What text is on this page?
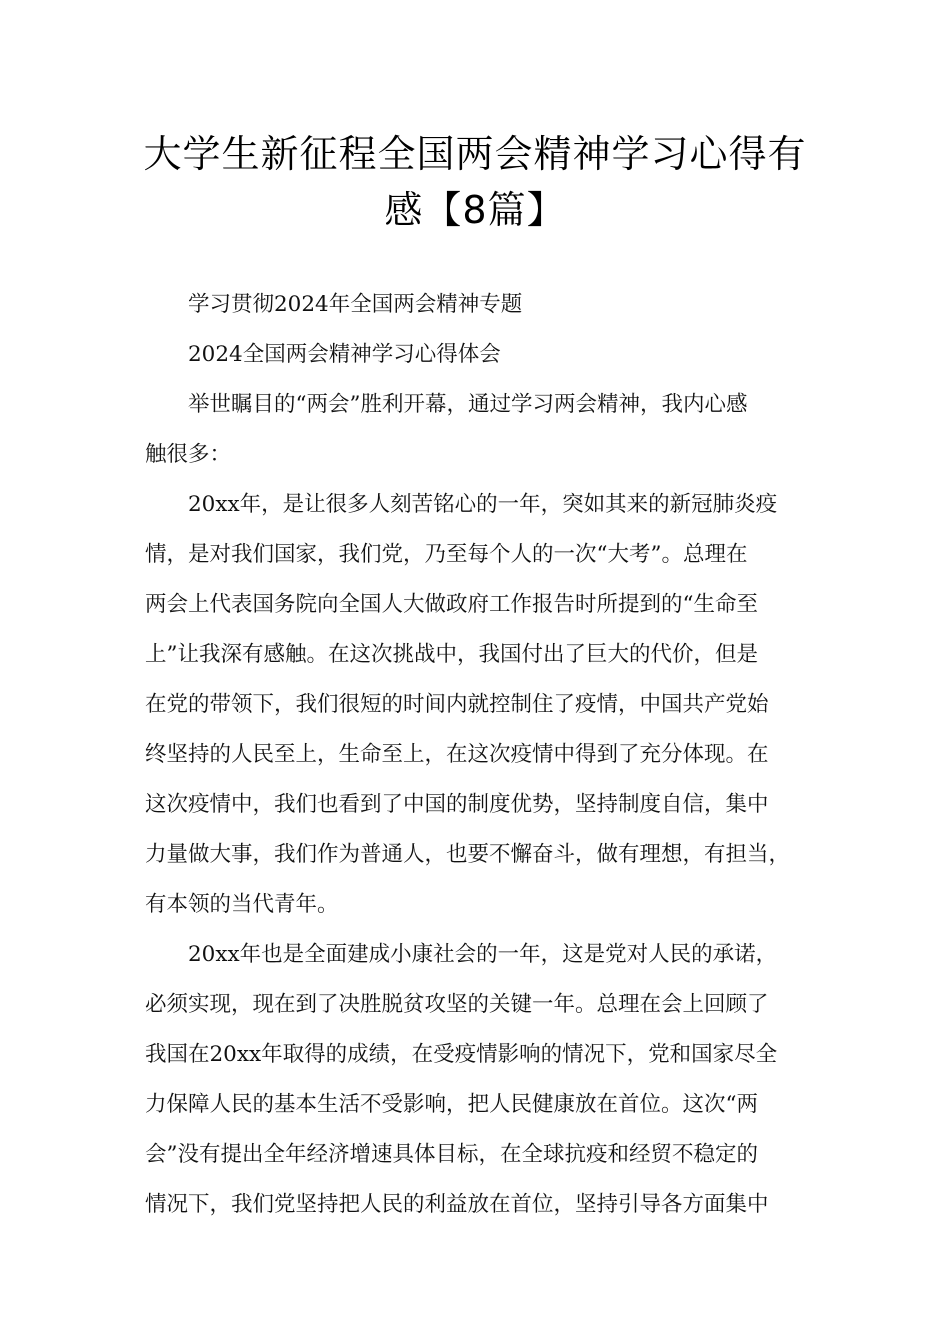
大学生新征程全国两会精神学习心得有
感【8篇】
学习贯彻2024年全国两会精神专题
2024全国两会精神学习心得体会
举世瞩目的“两会”胜利开幕，通过学习两会精神，我内心感
触很多：
20xx年，是让很多人刻苦铭心的一年，突如其来的新冠肺炎疫
情，是对我们国家，我们党，乃至每个人的一次“大考”。总理在
两会上代表国务院向全国人大做政府工作报告时所提到的“生命至
上”让我深有感触。在这次挑战中，我国付出了巨大的代价，但是
在党的带领下，我们很短的时间内就控制住了疫情，中国共产党始
终坚持的人民至上，生命至上，在这次疫情中得到了充分体现。在
这次疫情中，我们也看到了中国的制度优势，坚持制度自信，集中
力量做大事，我们作为普通人，也要不懈奋斗，做有理想，有担当，
有本领的当代青年。
20xx年也是全面建成小康社会的一年，这是党对人民的承诺，
必须实现，现在到了决胜脱贫攻坚的关键一年。总理在会上回顾了
我国在20xx年取得的成绩，在受疫情影响的情况下，党和国家尽全
力保障人民的基本生活不受影响，把人民健康放在首位。这次“两
会”没有提出全年经济增速具体目标，在全球抗疫和经贸不稳定的
情况下，我们党坚持把人民的利益放在首位，坚持引导各方面集中
